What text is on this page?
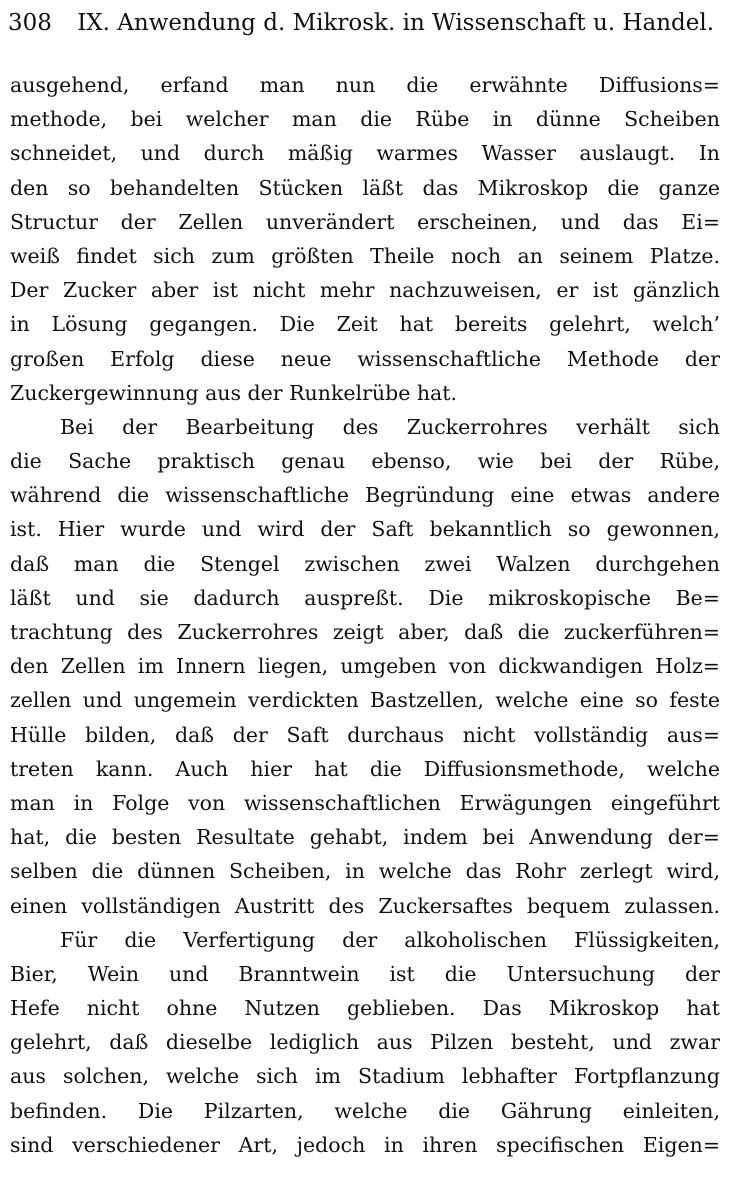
308 IX. Anwendung d. Mikrosk. in Wissenschaft u. Handel.
ausgehend, erfand man nun die erwähnte Diffusions=
methode, bei welcher man die Rübe in dünne Scheiben
schneidet, und durch mäßig warmes Wasser auslaugt. In
den so behandelten Stücken läßt das Mikroskop die ganze
Structur der Zellen unverändert erscheinen, und das Ei=
weiß findet sich zum größten Theile noch an seinem Platze.
Der Zucker aber ist nicht mehr nachzuweisen, er ist gänzlich
in Lösung gegangen. Die Zeit hat bereits gelehrt, welch’
großen Erfolg diese neue wissenschaftliche Methode der
Zuckergewinnung aus der Runkelrübe hat.
Bei der Bearbeitung des Zuckerrohres verhält sich
die Sache praktisch genau ebenso, wie bei der Rübe,
während die wissenschaftliche Begründung eine etwas andere
ist. Hier wurde und wird der Saft bekanntlich so gewonnen,
daß man die Stengel zwischen zwei Walzen durchgehen
läßt und sie dadurch auspreßt. Die mikroskopische Be=
trachtung des Zuckerrohres zeigt aber, daß die zuckerführen=
den Zellen im Innern liegen, umgeben von dickwandigen Holz=
zellen und ungemein verdickten Bastzellen, welche eine so feste
Hülle bilden, daß der Saft durchaus nicht vollständig aus=
treten kann. Auch hier hat die Diffusionsmethode, welche
man in Folge von wissenschaftlichen Erwägungen eingeführt
hat, die besten Resultate gehabt, indem bei Anwendung der=
selben die dünnen Scheiben, in welche das Rohr zerlegt wird,
einen vollständigen Austritt des Zuckersaftes bequem zulassen.
Für die Verfertigung der alkoholischen Flüssigkeiten,
Bier, Wein und Branntwein ist die Untersuchung der
Hefe nicht ohne Nutzen geblieben. Das Mikroskop hat
gelehrt, daß dieselbe lediglich aus Pilzen besteht, und zwar
aus solchen, welche sich im Stadium lebhafter Fortpflanzung
befinden. Die Pilzarten, welche die Gährung einleiten,
sind verschiedener Art, jedoch in ihren specifischen Eigen=
